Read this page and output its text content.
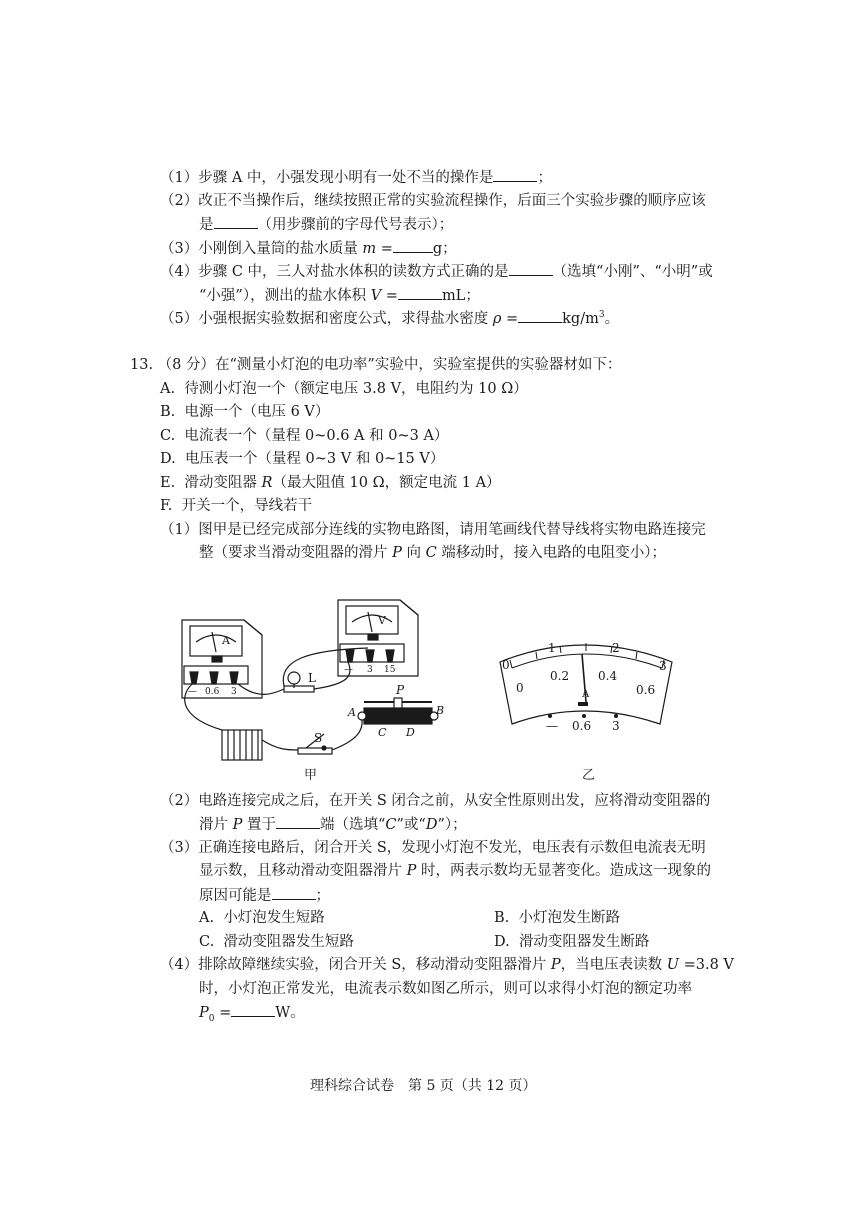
（1）步骤 A 中，小强发现小明有一处不当的操作是	；
（2）改正不当操作后，继续按照正常的实验流程操作，后面三个实验步骤的顺序应该
是	（用步骤前的字母代号表示）；
（3）小刚倒入量筒的盐水质量 m =	g；
（4）步骤 C 中，三人对盐水体积的读数方式正确的是	（选填“小刚”、“小明”或
“小强”），测出的盐水体积 V =	mL；
（5）小强根据实验数据和密度公式，求得盐水密度 ρ =	$kg/m^3$。
13. （8 分）在“测量小灯泡的电功率”实验中，实验室提供的实验器材如下：
A. 待测小灯泡一个（额定电压 3.8 V，电阻约为 10 Ω）
B. 电源一个（电压 6 V）
C. 电流表一个（量程 0~0.6 A 和 0~3 A）
D. 电压表一个（量程 0~3 V 和 0~15 V）
E. 滑动变阻器 R（最大阻值 10 Ω，额定电流 1 A）
F. 开关一个，导线若干
（1）图甲是已经完成部分连线的实物电路图，请用笔画线代替导线将实物电路连接完
整（要求当滑动变阻器的滑片 P 向 C 端移动时，接入电路的电阻变小）；
A
— 0.6 3
V
— 3 15
L
S
P
A	B
C D
甲
0
1	2
3
0
0.2 0.4
0.6
A
— 0.6 3
乙
（2）电路连接完成之后，在开关 S 闭合之前，从安全性原则出发，应将滑动变阻器的
滑片 P 置于	端（选填“C”或“D”）；
（3）正确连接电路后，闭合开关 S，发现小灯泡不发光，电压表有示数但电流表无明
显示数，且移动滑动变阻器滑片 P 时，两表示数均无显著变化。造成这一现象的
原因可能是	；
A. 小灯泡发生短路	B. 小灯泡发生断路
C. 滑动变阻器发生短路	D. 滑动变阻器发生断路
（4）排除故障继续实验，闭合开关 S，移动滑动变阻器滑片 P，当电压表读数 U =3.8 V
时，小灯泡正常发光，电流表示数如图乙所示，则可以求得小灯泡的额定功率
$P_0$ =	W。
理科综合试卷　第 5 页（共 12 页）
